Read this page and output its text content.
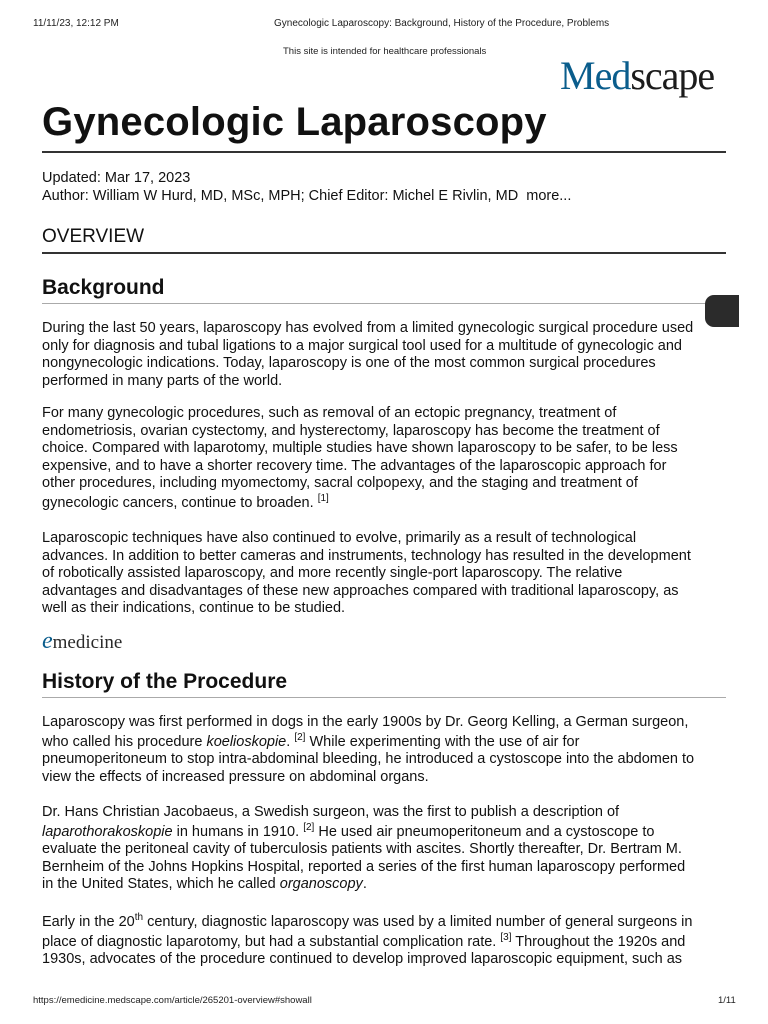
11/11/23, 12:12 PM	Gynecologic Laparoscopy: Background, History of the Procedure, Problems
This site is intended for healthcare professionals
Medscape
Gynecologic Laparoscopy
Updated: Mar 17, 2023
Author: William W Hurd, MD, MSc, MPH; Chief Editor: Michel E Rivlin, MD more...
OVERVIEW
Background

During the last 50 years, laparoscopy has evolved from a limited gynecologic surgical procedure used

only for diagnosis and tubal ligations to a major surgical tool used for a multitude of gynecologic and

nongynecologic indications. Today, laparoscopy is one of the most common surgical procedures

performed in many parts of the world.

For many gynecologic procedures, such as removal of an ectopic pregnancy, treatment of

endometriosis, ovarian cystectomy, and hysterectomy, laparoscopy has become the treatment of

choice. Compared with laparotomy, multiple studies have shown laparoscopy to be safer, to be less

expensive, and to have a shorter recovery time. The advantages of the laparoscopic approach for

other procedures, including myomectomy, sacral colpopexy, and the staging and treatment of

gynecologic cancers, continue to broaden. [1]

Laparoscopic techniques have also continued to evolve, primarily as a result of technological

advances. In addition to better cameras and instruments, technology has resulted in the development

of robotically assisted laparoscopy, and more recently single-port laparoscopy. The relative

advantages and disadvantages of these new approaches compared with traditional laparoscopy, as

well as their indications, continue to be studied.

emedicine
History of the Procedure

Laparoscopy was first performed in dogs in the early 1900s by Dr. Georg Kelling, a German surgeon,

who called his procedure koelioskopie. [2] While experimenting with the use of air for

pneumoperitoneum to stop intra-abdominal bleeding, he introduced a cystoscope into the abdomen to

view the effects of increased pressure on abdominal organs.

Dr. Hans Christian Jacobaeus, a Swedish surgeon, was the first to publish a description of

laparothorakoskopie in humans in 1910. [2] He used air pneumoperitoneum and a cystoscope to

evaluate the peritoneal cavity of tuberculosis patients with ascites. Shortly thereafter, Dr. Bertram M.

Bernheim of the Johns Hopkins Hospital, reported a series of the first human laparoscopy performed

in the United States, which he called organoscopy.

Early in the 20th century, diagnostic laparoscopy was used by a limited number of general surgeons in

place of diagnostic laparotomy, but had a substantial complication rate. [3] Throughout the 1920s and

1930s, advocates of the procedure continued to develop improved laparoscopic equipment, such as

https://emedicine.medscape.com/article/265201-overview#showall	1/11
